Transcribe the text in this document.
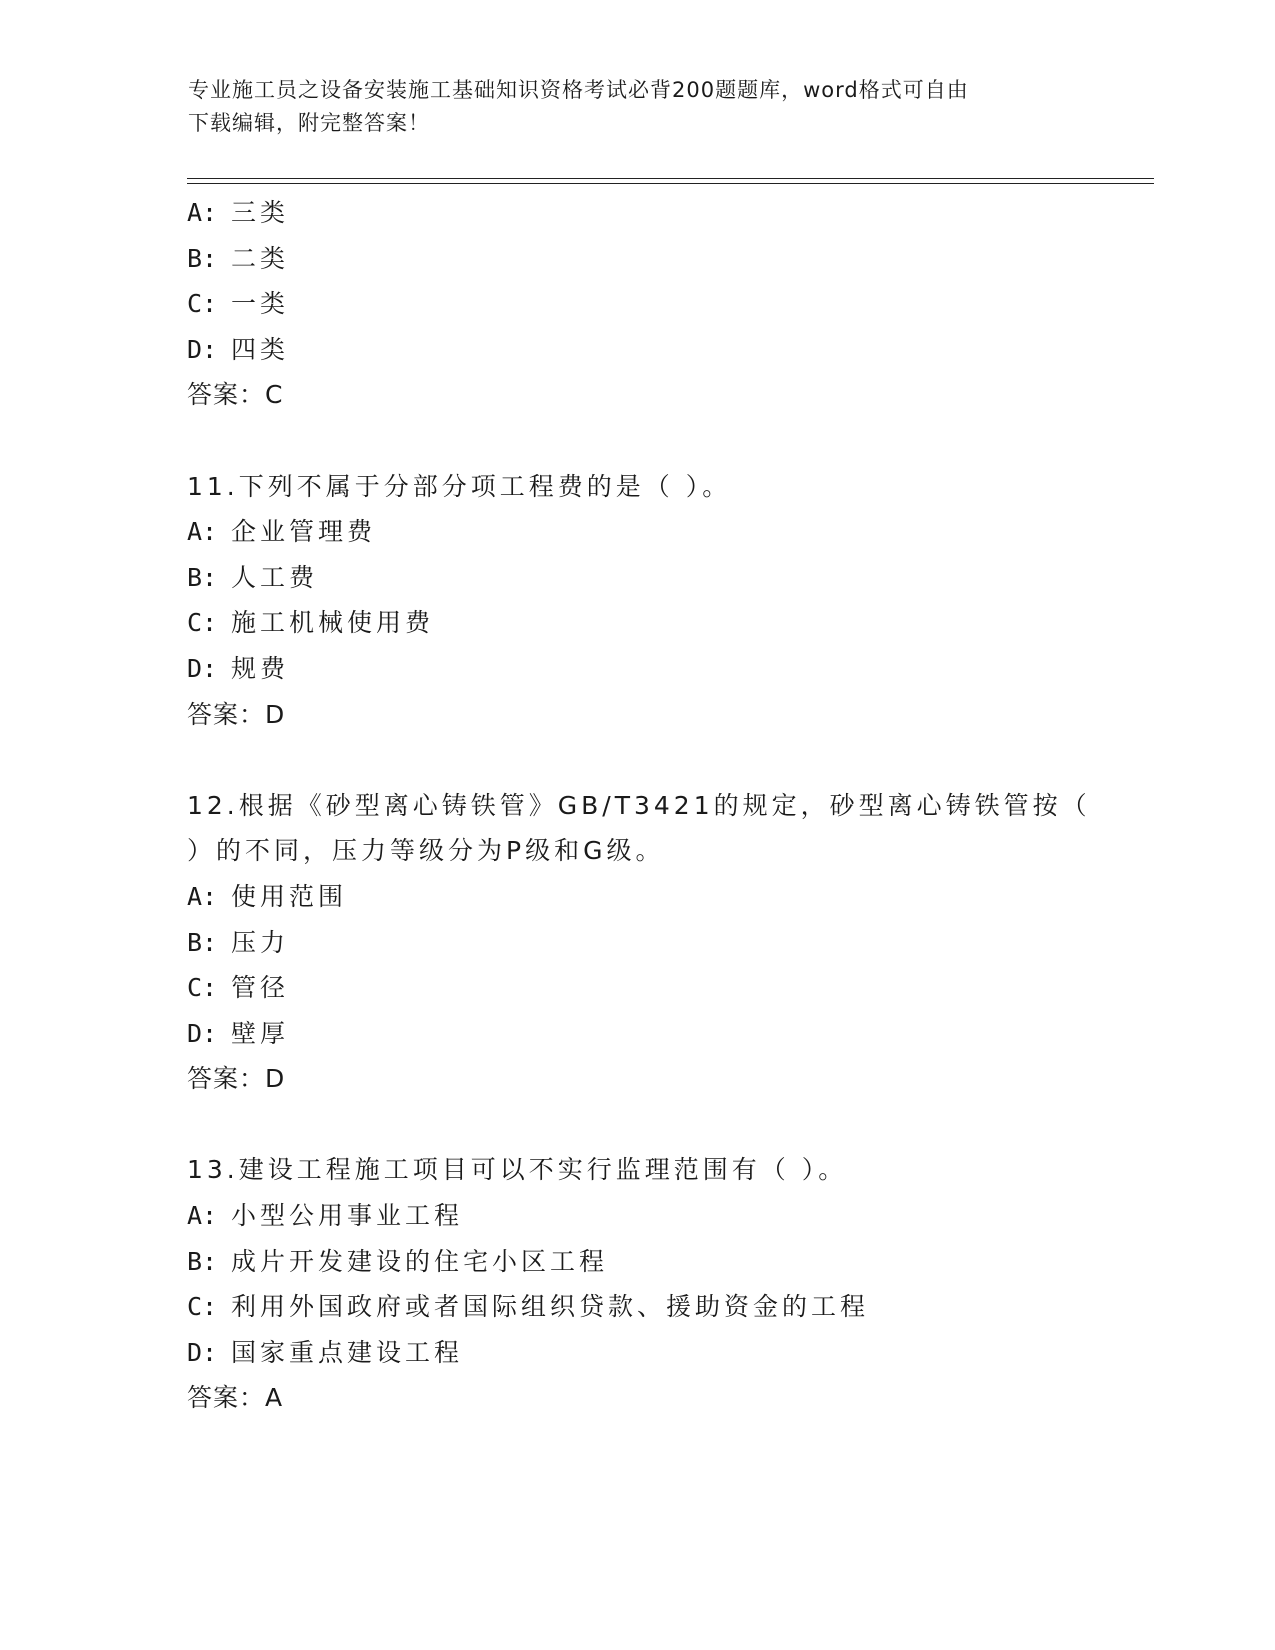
专业施工员之设备安装施工基础知识资格考试必背200题题库，word格式可自由
下载编辑，附完整答案！
A: 三类
B: 二类
C: 一类
D: 四类
答案：C
11.下列不属于分部分项工程费的是（ ）。
A: 企业管理费
B: 人工费
C: 施工机械使用费
D: 规费
答案：D
12.根据《砂型离心铸铁管》GB/T3421的规定，砂型离心铸铁管按（
）的不同，压力等级分为P级和G级。
A: 使用范围
B: 压力
C: 管径
D: 壁厚
答案：D
13.建设工程施工项目可以不实行监理范围有（ ）。
A: 小型公用事业工程
B: 成片开发建设的住宅小区工程
C: 利用外国政府或者国际组织贷款、援助资金的工程
D: 国家重点建设工程
答案：A
